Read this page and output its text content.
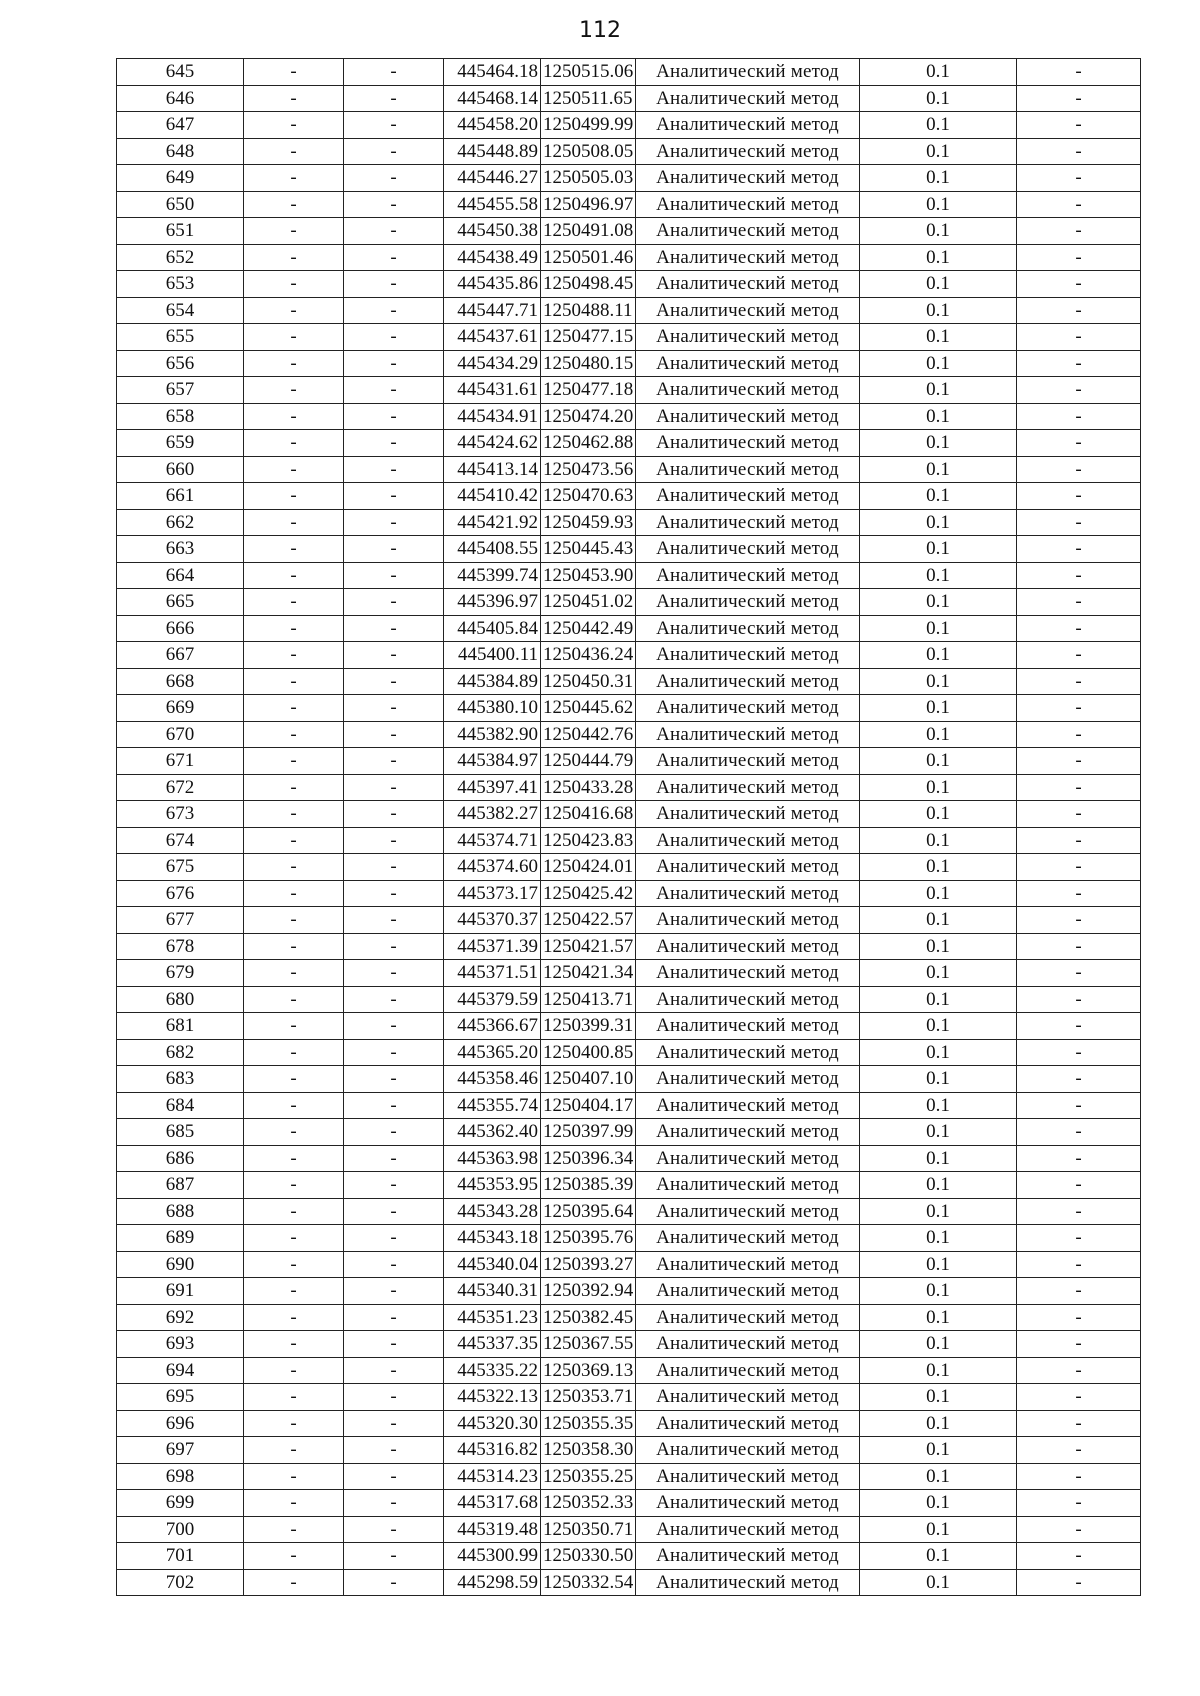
112
645	-	-	445464.18	1250515.06	Аналитический метод	0.1	-
646	-	-	445468.14	1250511.65	Аналитический метод	0.1	-
647	-	-	445458.20	1250499.99	Аналитический метод	0.1	-
648	-	-	445448.89	1250508.05	Аналитический метод	0.1	-
649	-	-	445446.27	1250505.03	Аналитический метод	0.1	-
650	-	-	445455.58	1250496.97	Аналитический метод	0.1	-
651	-	-	445450.38	1250491.08	Аналитический метод	0.1	-
652	-	-	445438.49	1250501.46	Аналитический метод	0.1	-
653	-	-	445435.86	1250498.45	Аналитический метод	0.1	-
654	-	-	445447.71	1250488.11	Аналитический метод	0.1	-
655	-	-	445437.61	1250477.15	Аналитический метод	0.1	-
656	-	-	445434.29	1250480.15	Аналитический метод	0.1	-
657	-	-	445431.61	1250477.18	Аналитический метод	0.1	-
658	-	-	445434.91	1250474.20	Аналитический метод	0.1	-
659	-	-	445424.62	1250462.88	Аналитический метод	0.1	-
660	-	-	445413.14	1250473.56	Аналитический метод	0.1	-
661	-	-	445410.42	1250470.63	Аналитический метод	0.1	-
662	-	-	445421.92	1250459.93	Аналитический метод	0.1	-
663	-	-	445408.55	1250445.43	Аналитический метод	0.1	-
664	-	-	445399.74	1250453.90	Аналитический метод	0.1	-
665	-	-	445396.97	1250451.02	Аналитический метод	0.1	-
666	-	-	445405.84	1250442.49	Аналитический метод	0.1	-
667	-	-	445400.11	1250436.24	Аналитический метод	0.1	-
668	-	-	445384.89	1250450.31	Аналитический метод	0.1	-
669	-	-	445380.10	1250445.62	Аналитический метод	0.1	-
670	-	-	445382.90	1250442.76	Аналитический метод	0.1	-
671	-	-	445384.97	1250444.79	Аналитический метод	0.1	-
672	-	-	445397.41	1250433.28	Аналитический метод	0.1	-
673	-	-	445382.27	1250416.68	Аналитический метод	0.1	-
674	-	-	445374.71	1250423.83	Аналитический метод	0.1	-
675	-	-	445374.60	1250424.01	Аналитический метод	0.1	-
676	-	-	445373.17	1250425.42	Аналитический метод	0.1	-
677	-	-	445370.37	1250422.57	Аналитический метод	0.1	-
678	-	-	445371.39	1250421.57	Аналитический метод	0.1	-
679	-	-	445371.51	1250421.34	Аналитический метод	0.1	-
680	-	-	445379.59	1250413.71	Аналитический метод	0.1	-
681	-	-	445366.67	1250399.31	Аналитический метод	0.1	-
682	-	-	445365.20	1250400.85	Аналитический метод	0.1	-
683	-	-	445358.46	1250407.10	Аналитический метод	0.1	-
684	-	-	445355.74	1250404.17	Аналитический метод	0.1	-
685	-	-	445362.40	1250397.99	Аналитический метод	0.1	-
686	-	-	445363.98	1250396.34	Аналитический метод	0.1	-
687	-	-	445353.95	1250385.39	Аналитический метод	0.1	-
688	-	-	445343.28	1250395.64	Аналитический метод	0.1	-
689	-	-	445343.18	1250395.76	Аналитический метод	0.1	-
690	-	-	445340.04	1250393.27	Аналитический метод	0.1	-
691	-	-	445340.31	1250392.94	Аналитический метод	0.1	-
692	-	-	445351.23	1250382.45	Аналитический метод	0.1	-
693	-	-	445337.35	1250367.55	Аналитический метод	0.1	-
694	-	-	445335.22	1250369.13	Аналитический метод	0.1	-
695	-	-	445322.13	1250353.71	Аналитический метод	0.1	-
696	-	-	445320.30	1250355.35	Аналитический метод	0.1	-
697	-	-	445316.82	1250358.30	Аналитический метод	0.1	-
698	-	-	445314.23	1250355.25	Аналитический метод	0.1	-
699	-	-	445317.68	1250352.33	Аналитический метод	0.1	-
700	-	-	445319.48	1250350.71	Аналитический метод	0.1	-
701	-	-	445300.99	1250330.50	Аналитический метод	0.1	-
702	-	-	445298.59	1250332.54	Аналитический метод	0.1	-
